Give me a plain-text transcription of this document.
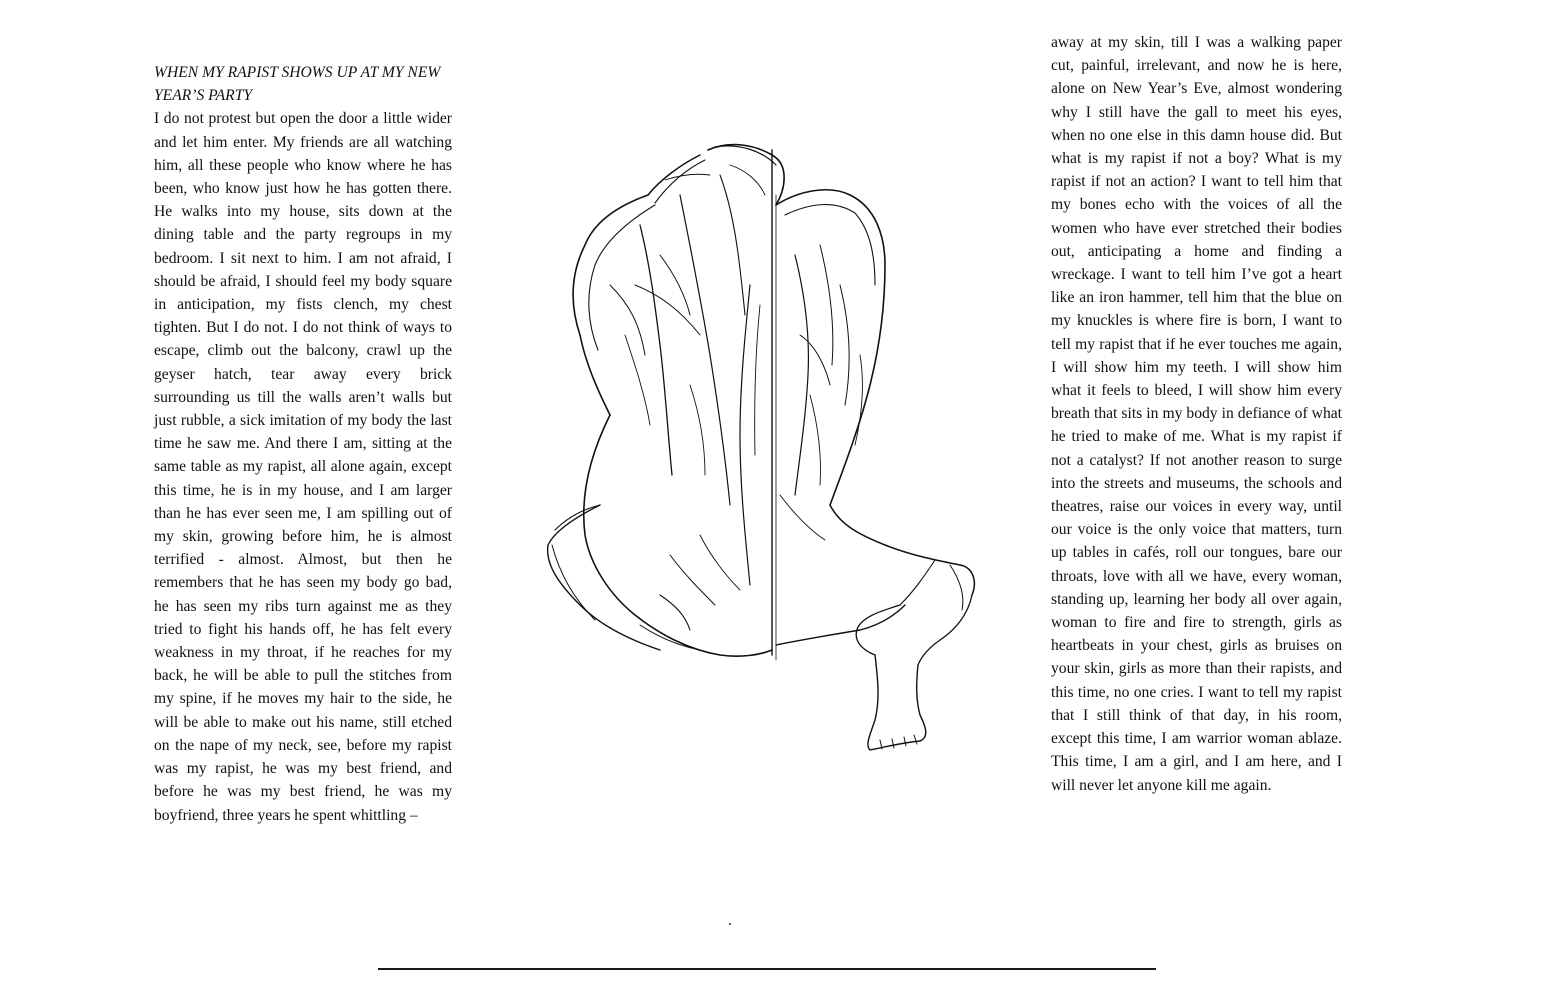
WHEN MY RAPIST SHOWS UP AT MY NEW YEAR’S PARTY

I do not protest but open the door a little wider and let him enter. My friends are all watching him, all these people who know where he has been, who know just how he has gotten there. He walks into my house, sits down at the dining table and the party regroups in my bedroom. I sit next to him. I am not afraid, I should be afraid, I should feel my body square in anticipation, my fists clench, my chest tighten. But I do not. I do not think of ways to escape, climb out the balcony, crawl up the geyser hatch, tear away every brick surrounding us till the walls aren’t walls but just rubble, a sick imitation of my body the last time he saw me. And there I am, sitting at the same table as my rapist, all alone again, except this time, he is in my house, and I am larger than he has ever seen me, I am spilling out of my skin, growing before him, he is almost terrified - almost. Almost, but then he remembers that he has seen my body go bad, he has seen my ribs turn against me as they tried to fight his hands off, he has felt every weakness in my throat, if he reaches for my back, he will be able to pull the stitches from my spine, if he moves my hair to the side, he will be able to make out his name, still etched on the nape of my neck, see, before my rapist was my rapist, he was my best friend, and before he was my best friend, he was my boyfriend, three years he spent whittling –

away at my skin, till I was a walking paper cut, painful, irrelevant, and now he is here, alone on New Year’s Eve, almost wondering why I still have the gall to meet his eyes, when no one else in this damn house did. But what is my rapist if not a boy? What is my rapist if not an action? I want to tell him that my bones echo with the voices of all the women who have ever stretched their bodies out, anticipating a home and finding a wreckage. I want to tell him I’ve got a heart like an iron hammer, tell him that the blue on my knuckles is where fire is born, I want to tell my rapist that if he ever touches me again, I will show him my teeth. I will show him what it feels to bleed, I will show him every breath that sits in my body in defiance of what he tried to make of me. What is my rapist if not a catalyst? If not another reason to surge into the streets and museums, the schools and theatres, raise our voices in every way, until our voice is the only voice that matters, turn up tables in cafés, roll our tongues, bare our throats, love with all we have, every woman, standing up, learning her body all over again, woman to fire and fire to strength, girls as heartbeats in your chest, girls as bruises on your skin, girls as more than their rapists, and this time, no one cries. I want to tell my rapist that I still think of that day, in his room, except this time, I am warrior woman ablaze. This time, I am a girl, and I am here, and I will never let anyone kill me again.
